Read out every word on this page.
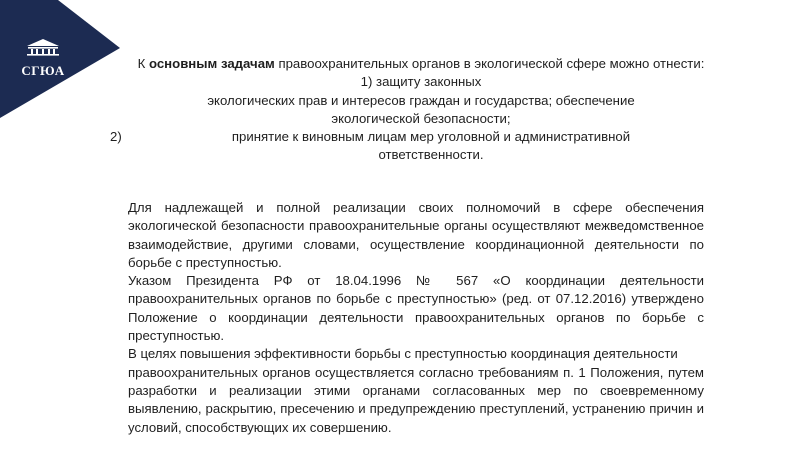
СГЮА	К основным задачам правоохранительных органов в экологической сфере можно отнести:

1) защиту законных

экологических прав и интересов граждан и государства; обеспечение экологической безопасности;

2)	принятие к виновным лицам мер уголовной и административной ответственности.

Для надлежащей и полной реализации своих полномочий в сфере обеспечения экологической безопасности правоохранительные органы осуществляют межведомственное взаимодействие, другими словами, осуществление координационной деятельности по борьбе с преступностью.

Указом Президента РФ от 18.04.1996 № 567 «О координации деятельности правоохранительных органов по борьбе с преступностью» (ред. от 07.12.2016) утверждено Положение о координации деятельности правоохранительных органов по борьбе с преступностью.

В целях повышения эффективности борьбы с преступностью координация деятельности

правоохранительных органов осуществляется согласно требованиям п. 1 Положения, путем разработки и реализации этими органами согласованных мер по своевременному выявлению, раскрытию, пресечению и предупреждению преступлений, устранению причин и условий, способствующих их совершению.
